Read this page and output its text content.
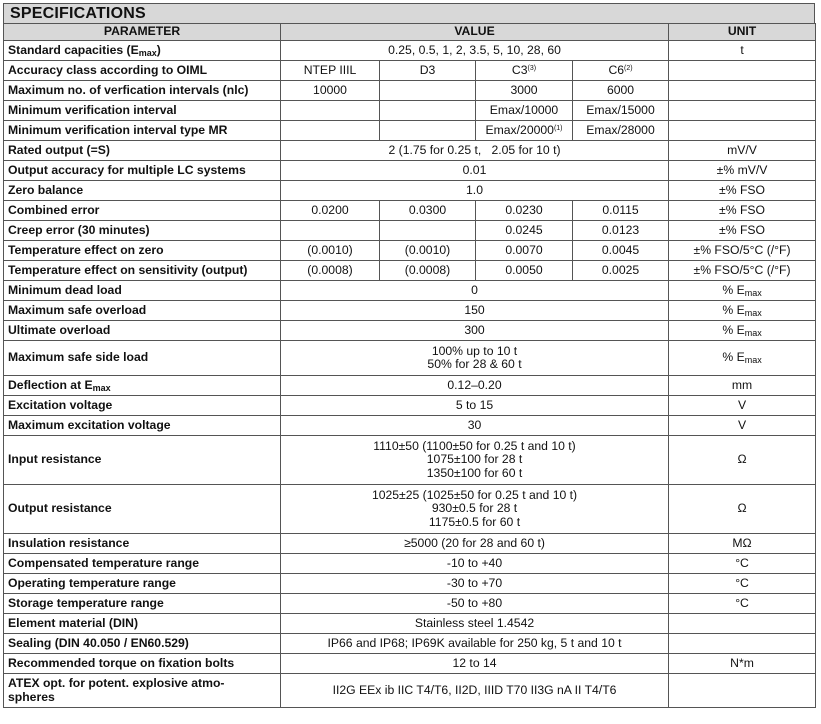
SPECIFICATIONS
PARAMETER	VALUE				UNIT
Standard capacities $(E_{max})$	0.25, 0.5, 1, 2, 3.5, 5, 10, 28, 60				t
Accuracy class according to OIML	NTEP IIIL	D3	C3$^{(3)}$	C6$^{(2)}$	
Maximum no. of verfication intervals (nlc)	10000		3000	6000	
Minimum verification interval			Emax/10000	Emax/15000	
Minimum verification interval type MR			Emax/20000$^{(1)}$	Emax/28000	
Rated output (=S)	2 (1.75 for 0.25 t,   2.05 for 10 t)				mV/V
Output accuracy for multiple LC systems	0.01				±% mV/V
Zero balance	1.0				±% FSO
Combined error	0.0200	0.0300	0.0230	0.0115	±% FSO
Creep error (30 minutes)			0.0245	0.0123	±% FSO
Temperature effect on zero	(0.0010)	(0.0010)	0.0070	0.0045	±% FSO/5°C (/°F)
Temperature effect on sensitivity (output)	(0.0008)	(0.0008)	0.0050	0.0025	±% FSO/5°C (/°F)
Minimum dead load	0				% $E_{max}$
Maximum safe overload	150				% $E_{max}$
Ultimate overload	300				% $E_{max}$
Maximum safe side load	100% up to 10 t
50% for 28 & 60 t				% $E_{max}$
Deflection at $E_{max}$	0.12–0.20				mm
Excitation voltage	5 to 15				V
Maximum excitation voltage	30				V
Input resistance	1110±50 (1100±50 for 0.25 t and 10 t)
1075±100 for 28 t
1350±100 for 60 t				Ω
Output resistance	1025±25 (1025±50 for 0.25 t and 10 t)
930±0.5 for 28 t
1175±0.5 for 60 t				Ω
Insulation resistance	≥5000 (20 for 28 and 60 t)				MΩ
Compensated temperature range	-10 to +40				°C
Operating temperature range	-30 to +70				°C
Storage temperature range	-50 to +80				°C
Element material (DIN)	Stainless steel 1.4542				
Sealing (DIN 40.050 / EN60.529)	IP66 and IP68; IP69K available for 250 kg, 5 t and 10 t				
Recommended torque on fixation bolts	12 to 14				N*m

ATEX opt. for potent. explosive atmo-
spheres	II2G EEx ib IIC T4/T6, II2D, IIID T70 II3G nA II T4/T6				
